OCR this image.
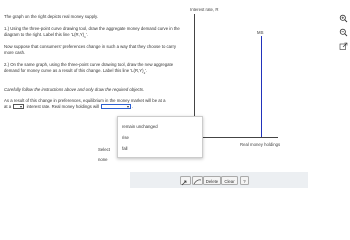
The graph on the right depicts real money supply.
1.) Using the three-point curve drawing tool, draw the aggregate money demand curve in the diagram to the right. Label this line '$L(R,Y)_1$'.
Now suppose that consumers' preferences change in such a way that they choose to carry more cash.
2.) On the same graph, using the three-point curve drawing tool, draw the new aggregate demand for money curve as a result of this change. Label this line '$L(R,Y)_2$'.
Carefully follow the instructions above and only draw the required objects.
As a result of this change in preferences, equilibrium in the money market will be at a
at a	interest rate. Real money holdings will	.
Select
none
Interest rate, R
MS
Real money holdings
Delete	Clear	?
remain unchanged
rise
fall
